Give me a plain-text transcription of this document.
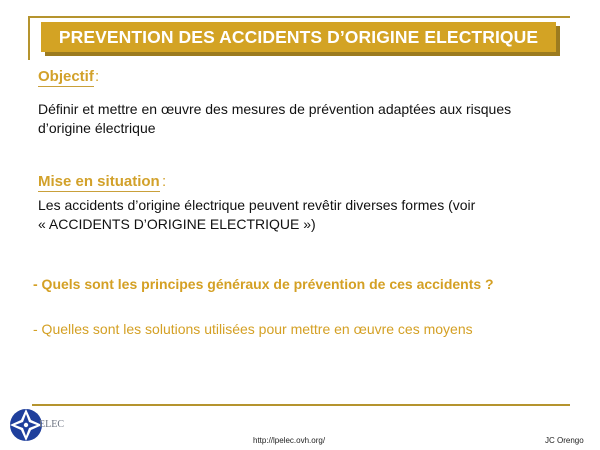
PREVENTION DES ACCIDENTS D’ORIGINE ELECTRIQUE
Objectif :
Définir et mettre en œuvre des mesures de prévention adaptées aux risques d’origine électrique
Mise en situation :
Les accidents d’origine électrique peuvent revêtir diverses formes (voir
« ACCIDENTS D’ORIGINE ELECTRIQUE »)
- Quels sont les principes généraux de prévention de ces accidents ?
- Quelles sont les solutions utilisées pour mettre en œuvre ces moyens
ELEC
http://lpelec.ovh.org/	JC Orengo
